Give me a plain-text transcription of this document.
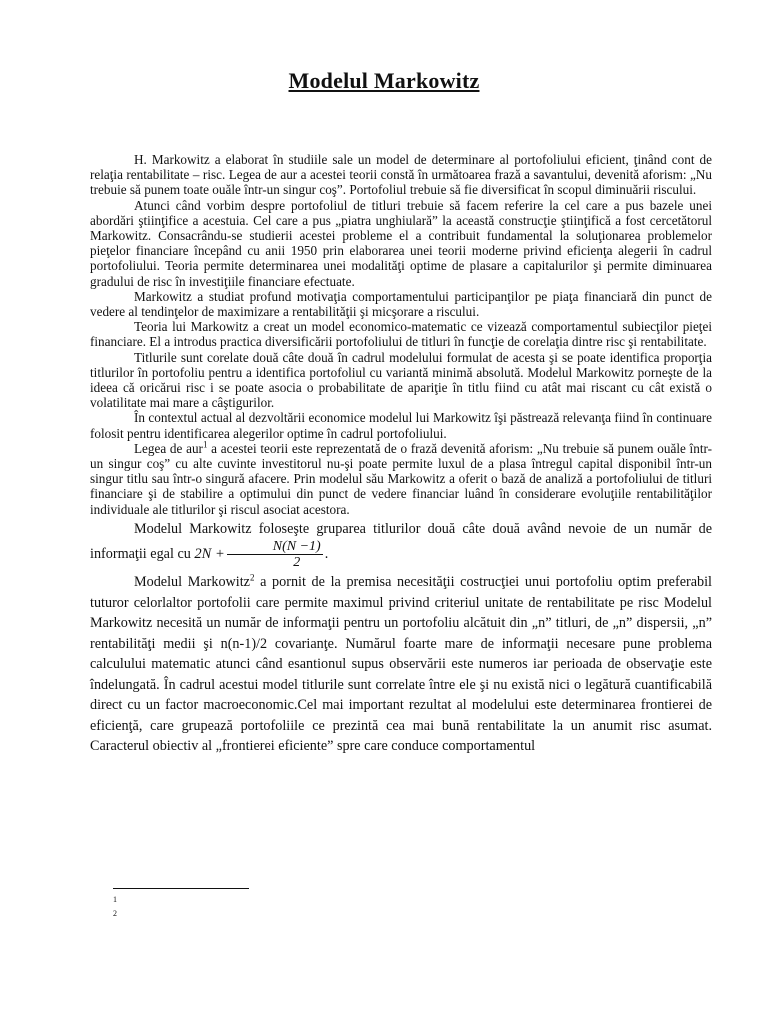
Modelul Markowitz

H. Markowitz a elaborat în studiile sale un model de determinare al portofoliului eficient, ţinând cont de relaţia rentabilitate – risc. Legea de aur a acestei teorii constă în următoarea frază a savantului, devenită aforism: „Nu trebuie să punem toate ouăle într-un singur coş”. Portofoliul trebuie să fie diversificat în scopul diminuării riscului.

Atunci când vorbim despre portofoliul de titluri trebuie să facem referire la cel care a pus bazele unei abordări ştiinţifice a acestuia. Cel care a pus „piatra unghiulară” la această construcţie ştiinţifică a fost cercetătorul Markowitz. Consacrându-se studierii acestei probleme el a contribuit fundamental la soluţionarea problemelor pieţelor financiare începând cu anii 1950 prin elaborarea unei teorii moderne privind eficienţa alegerii în cadrul portofoliului. Teoria permite determinarea unei modalităţi optime de plasare a capitalurilor şi permite diminuarea gradului de risc în investiţiile financiare efectuate.

Markowitz a studiat profund motivaţia comportamentului participanţilor pe piaţa financiară din punct de vedere al tendinţelor de maximizare a rentabilităţii şi micşorare a riscului.

Teoria lui Markowitz a creat un model economico-matematic ce vizează comportamentul subiecţilor pieţei financiare. El a introdus practica diversificării portofoliului de titluri în funcţie de corelaţia dintre risc şi rentabilitate.

Titlurile sunt corelate două câte două în cadrul modelului formulat de acesta şi se poate identifica proporţia titlurilor în portofoliu pentru a identifica portofoliul cu variantă minimă absolută. Modelul Markowitz porneşte de la ideea că oricărui risc i se poate asocia o probabilitate de apariţie în titlu fiind cu atât mai riscant cu cât există o volatilitate mai mare a câştigurilor.

În contextul actual al dezvoltării economice modelul lui Markowitz îşi păstrează relevanţa fiind în continuare folosit pentru identificarea alegerilor optime în cadrul portofoliului.

Legea de aur$^1$ a acestei teorii este reprezentată de o frază devenită aforism: „Nu trebuie să punem ouăle într-un singur coş” cu alte cuvinte investitorul nu-şi poate permite luxul de a plasa întregul capital disponibil într-un singur titlu sau într-o singură afacere. Prin modelul său Markowitz a oferit o bază de analiză a portofoliului de titluri financiare şi de stabilire a optimului din punct de vedere financiar luând în considerare evoluţiile rentabilităţilor individuale ale titlurilor şi riscul asociat acestora.

Modelul Markowitz foloseşte gruparea titlurilor două câte două având nevoie de un număr de informaţii egal cu $2N + \frac{N(N -1)}{2}$ .

Modelul Markowitz$^2$ a pornit de la premisa necesităţii costrucţiei unui portofoliu optim preferabil tuturor celorlaltor portofolii care permite maximul privind criteriul unitate de rentabilitate pe risc Modelul Markowitz necesită un număr de informaţii pentru un portofoliu alcătuit din „n” titluri, de „n” dispersii, „n” rentabilităţi medii şi n(n-1)/2 covarianţe. Numărul foarte mare de informaţii necesare pune problema calculului matematic atunci când esantionul supus observării este numeros iar perioada de observaţie este îndelungată. În cadrul acestui model titlurile sunt correlate între ele şi nu există nici o legătură cuantificabilă direct cu un factor macroeconomic.Cel mai important rezultat al modelului este determinarea frontierei de eficienţă, care grupează portofoliile ce prezintă cea mai bună rentabilitate la un anumit risc asumat. Caracterul obiectiv al „frontierei eficiente” spre care conduce comportamentul

1
2
